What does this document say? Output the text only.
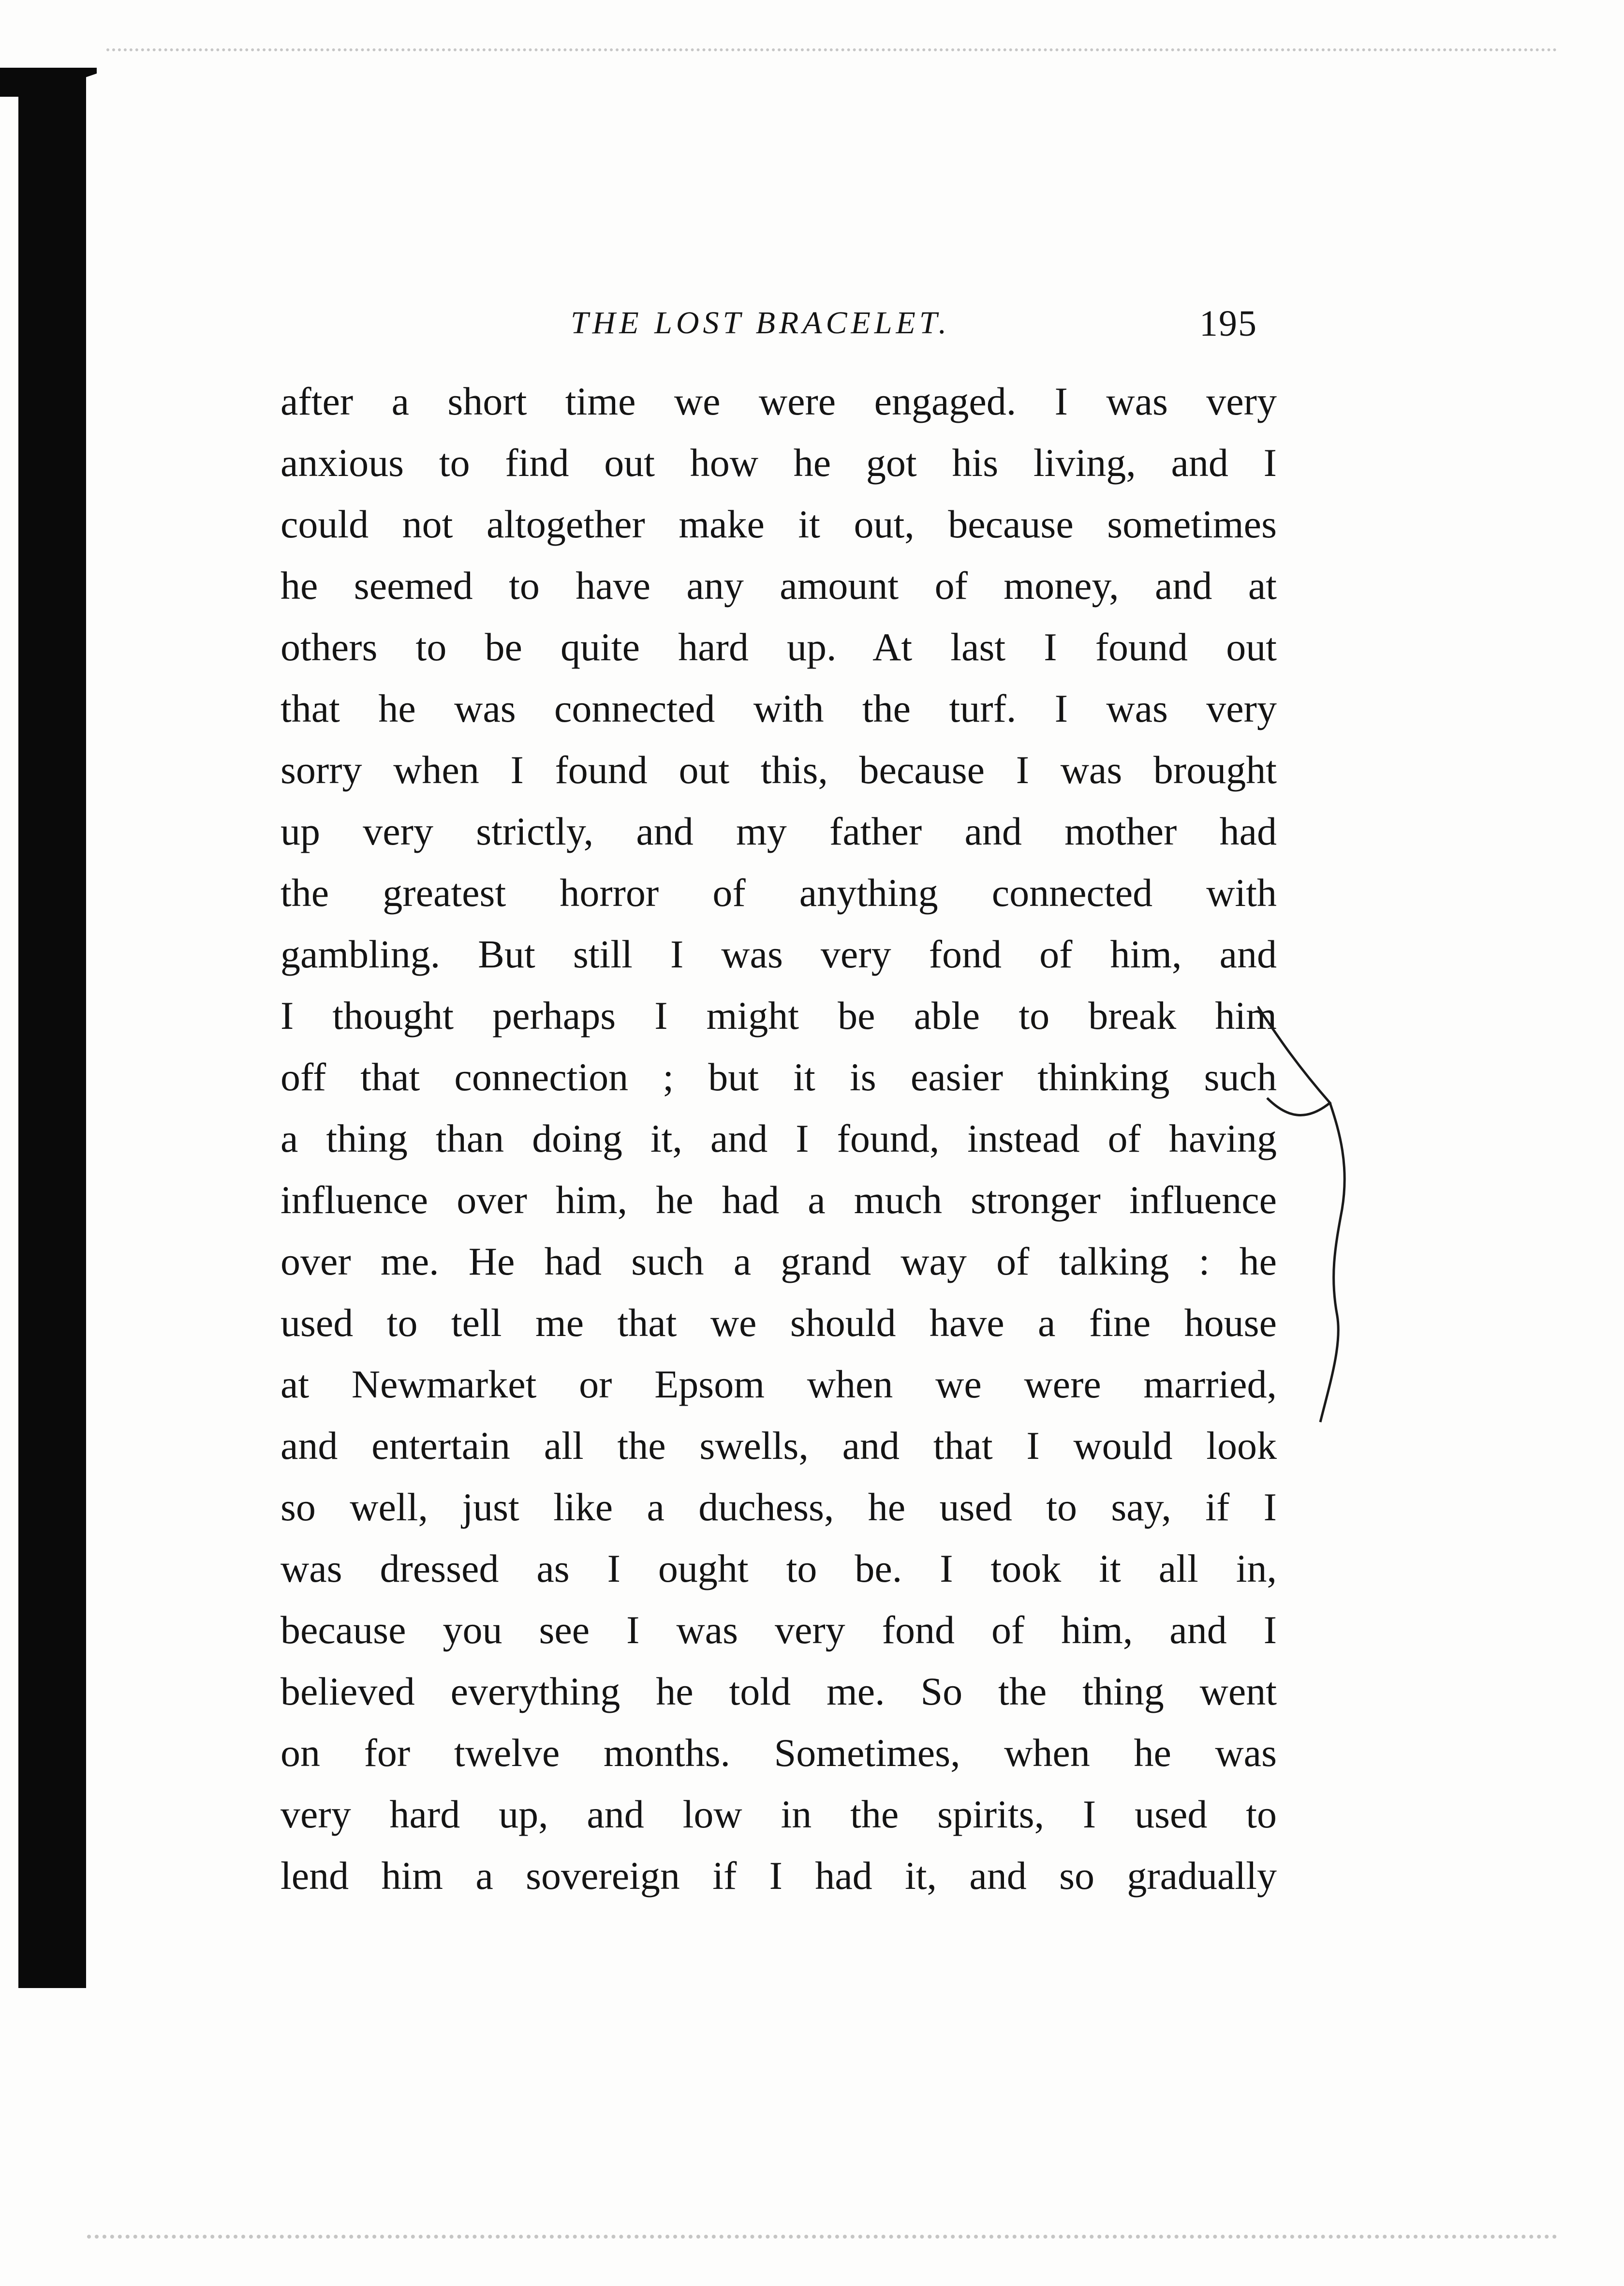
THE LOST BRACELET.	195
after a short time we were engaged. I was very
anxious to find out how he got his living, and I
could not altogether make it out, because sometimes
he seemed to have any amount of money, and at
others to be quite hard up. At last I found out
that he was connected with the turf. I was very
sorry when I found out this, because I was brought
up very strictly, and my father and mother had
the greatest horror of anything connected with
gambling. But still I was very fond of him, and
I thought perhaps I might be able to break him
off that connection ; but it is easier thinking such
a thing than doing it, and I found, instead of having
influence over him, he had a much stronger influence
over me. He had such a grand way of talking : he
used to tell me that we should have a fine house
at Newmarket or Epsom when we were married,
and entertain all the swells, and that I would look
so well, just like a duchess, he used to say, if I
was dressed as I ought to be. I took it all in,
because you see I was very fond of him, and I
believed everything he told me. So the thing went
on for twelve months. Sometimes, when he was
very hard up, and low in the spirits, I used to
lend him a sovereign if I had it, and so gradually
